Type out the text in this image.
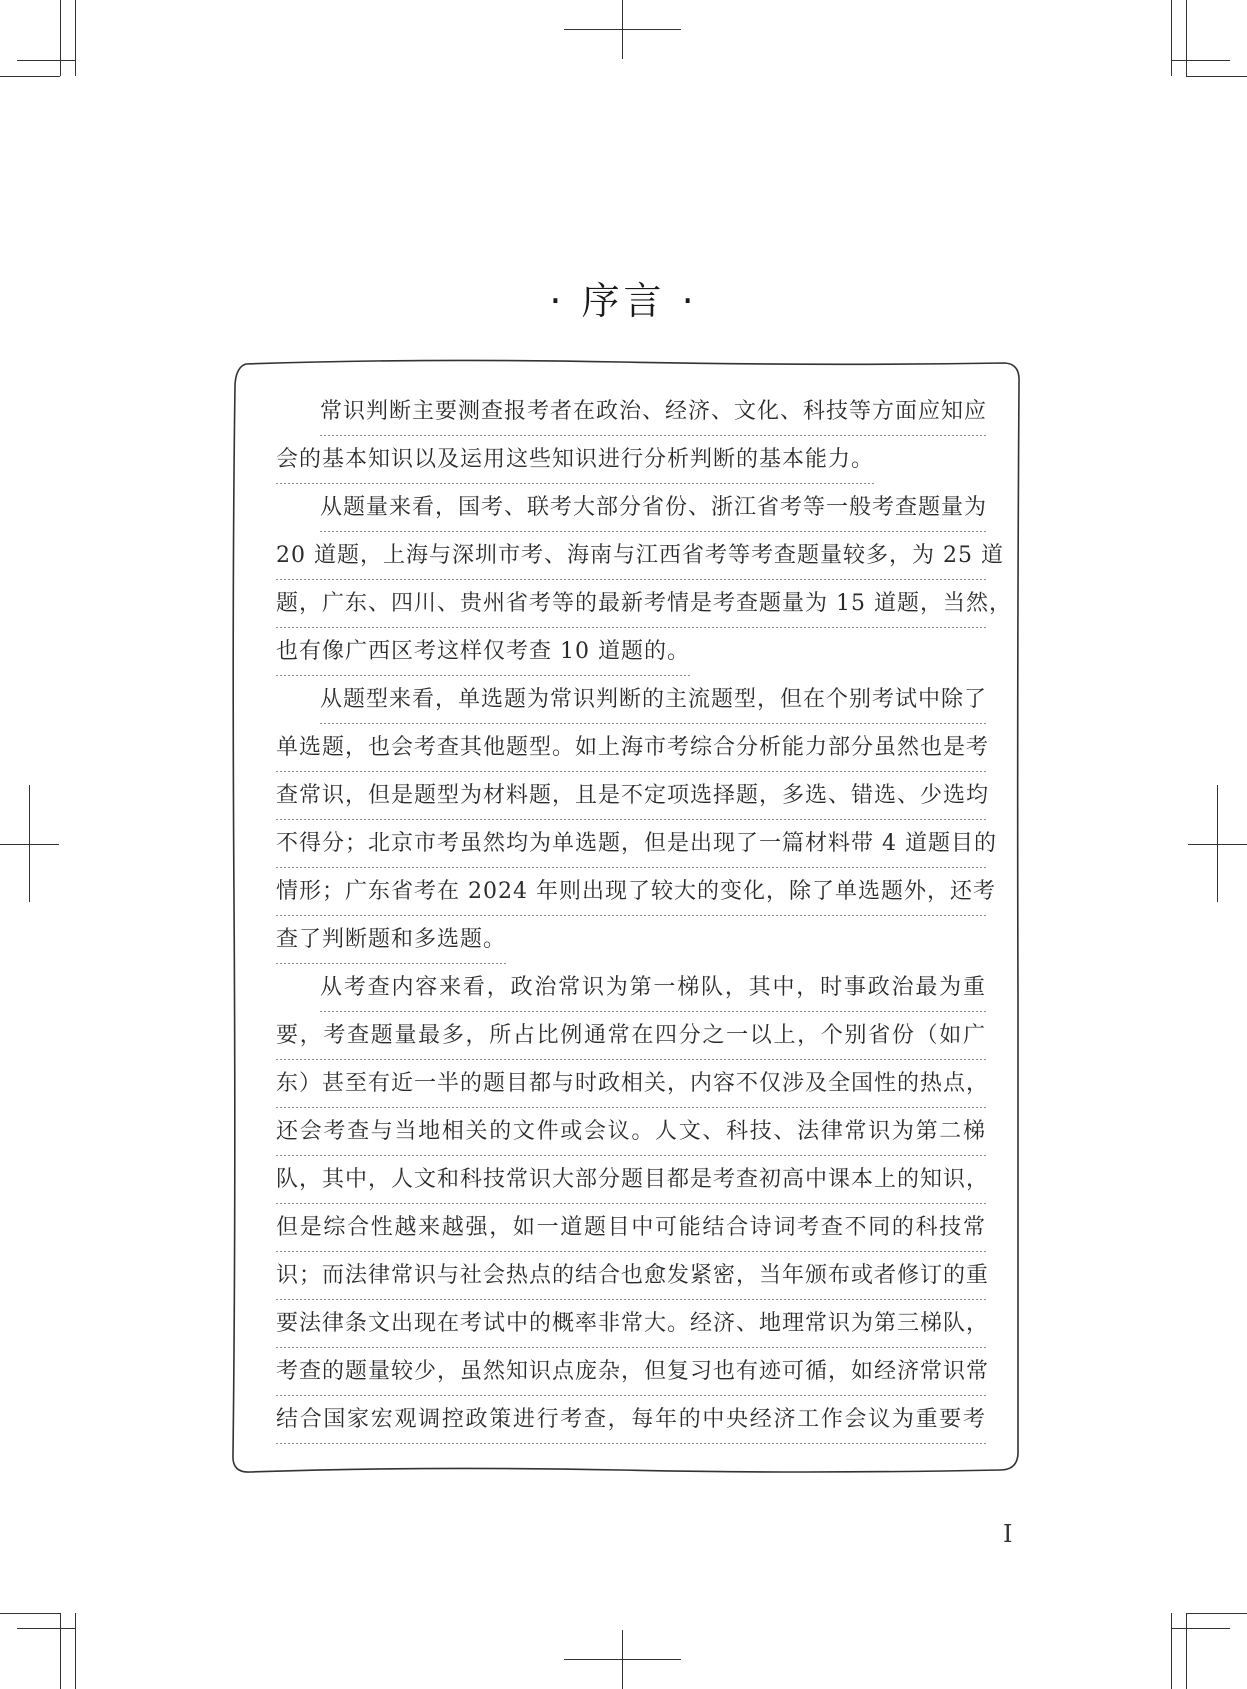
· 序言 ·
常识判断主要测查报考者在政治、经济、文化、科技等方面应知应
会的基本知识以及运用这些知识进行分析判断的基本能力。
从题量来看，国考、联考大部分省份、浙江省考等一般考查题量为
20 道题，上海与深圳市考、海南与江西省考等考查题量较多，为 25 道
题，广东、四川、贵州省考等的最新考情是考查题量为 15 道题，当然，
也有像广西区考这样仅考查 10 道题的。
从题型来看，单选题为常识判断的主流题型，但在个别考试中除了
单选题，也会考查其他题型。如上海市考综合分析能力部分虽然也是考
查常识，但是题型为材料题，且是不定项选择题，多选、错选、少选均
不得分；北京市考虽然均为单选题，但是出现了一篇材料带 4 道题目的
情形；广东省考在 2024 年则出现了较大的变化，除了单选题外，还考
查了判断题和多选题。
从考查内容来看，政治常识为第一梯队，其中，时事政治最为重
要，考查题量最多，所占比例通常在四分之一以上，个别省份（如广
东）甚至有近一半的题目都与时政相关，内容不仅涉及全国性的热点，
还会考查与当地相关的文件或会议。人文、科技、法律常识为第二梯
队，其中，人文和科技常识大部分题目都是考查初高中课本上的知识，
但是综合性越来越强，如一道题目中可能结合诗词考查不同的科技常
识；而法律常识与社会热点的结合也愈发紧密，当年颁布或者修订的重
要法律条文出现在考试中的概率非常大。经济、地理常识为第三梯队，
考查的题量较少，虽然知识点庞杂，但复习也有迹可循，如经济常识常
结合国家宏观调控政策进行考查，每年的中央经济工作会议为重要考
I
